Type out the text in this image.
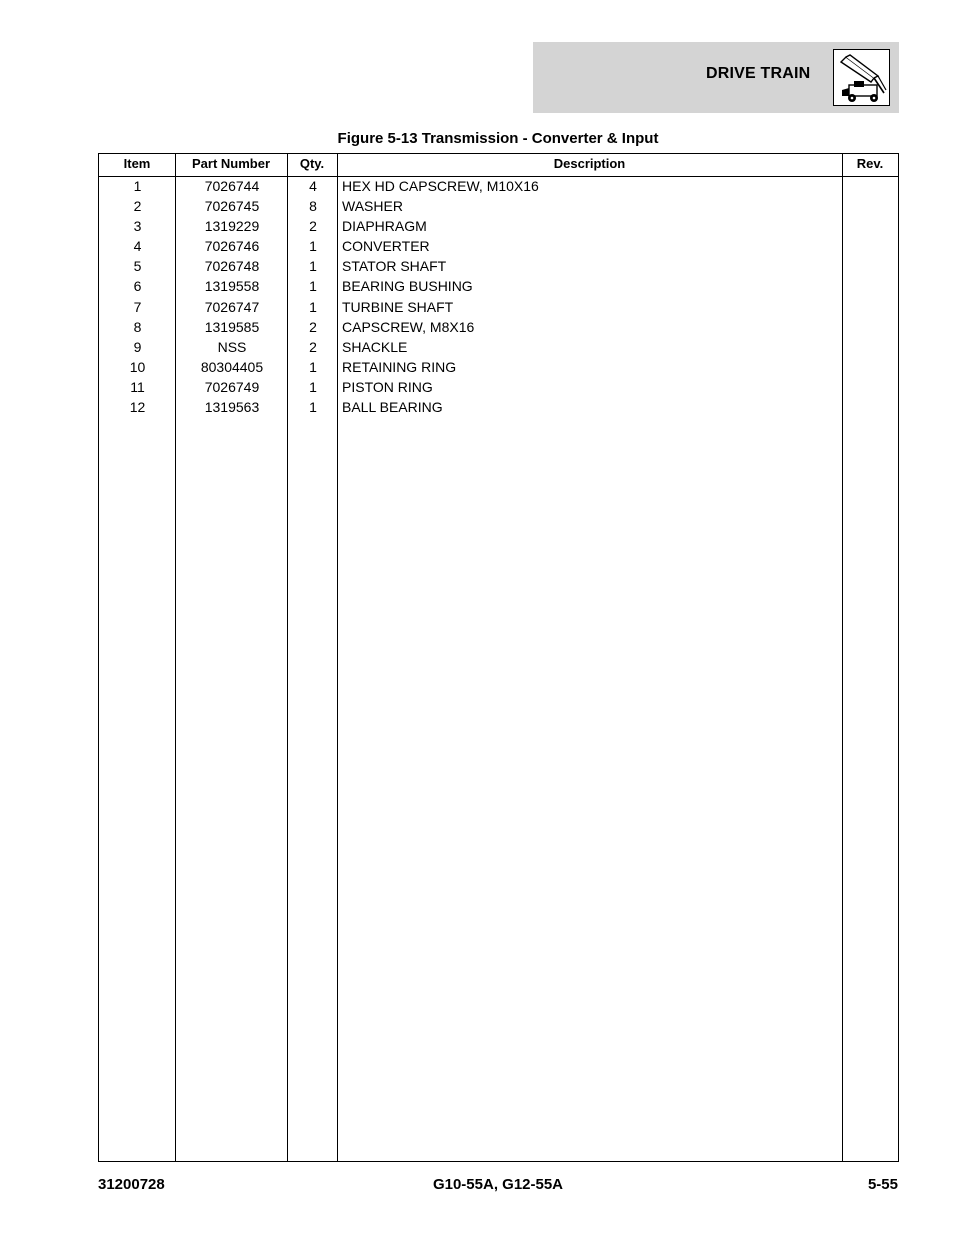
DRIVE TRAIN
Figure 5-13 Transmission - Converter & Input
Item	Part Number	Qty.	Description	Rev.
1	7026744	4	HEX HD CAPSCREW, M10X16
2	7026745	8	WASHER
3	1319229	2	DIAPHRAGM
4	7026746	1	CONVERTER
5	7026748	1	STATOR SHAFT
6	1319558	1	BEARING BUSHING
7	7026747	1	TURBINE SHAFT
8	1319585	2	CAPSCREW, M8X16
9	NSS	2	SHACKLE
10	80304405	1	RETAINING RING
11	7026749	1	PISTON RING
12	1319563	1	BALL BEARING
31200728	G10-55A, G12-55A	5-55
